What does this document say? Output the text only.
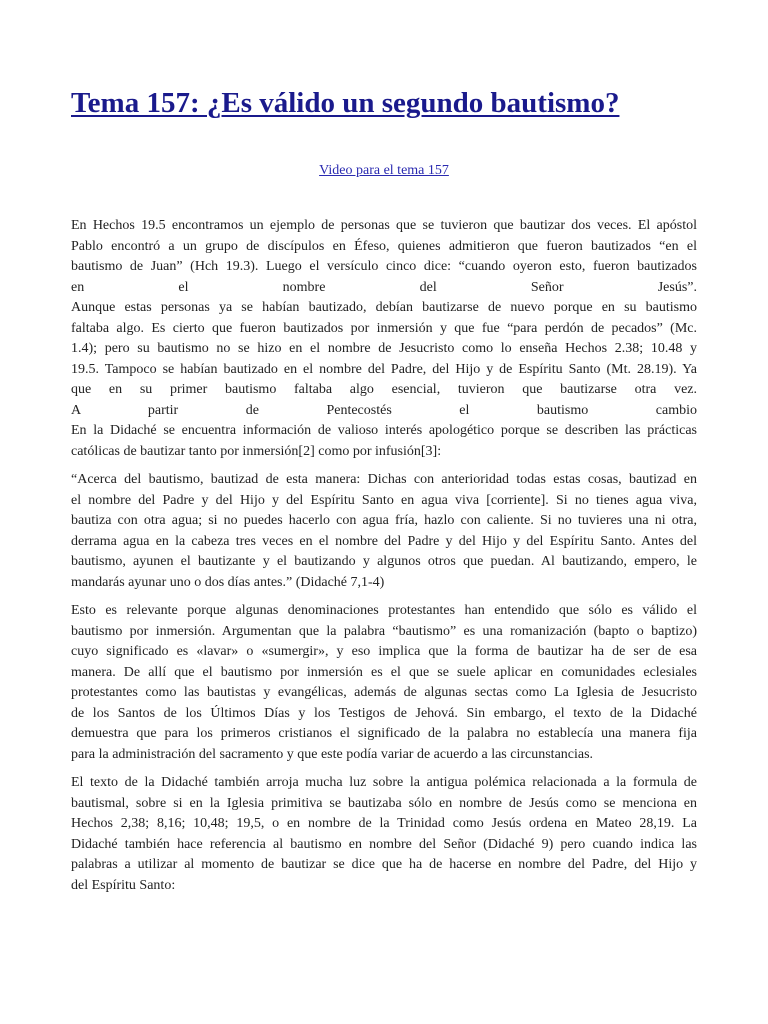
Tema 157: ¿Es válido un segundo bautismo?
Video para el tema 157
En Hechos 19.5 encontramos un ejemplo de personas que se tuvieron que bautizar dos veces. El apóstol
Pablo encontró a un grupo de discípulos en Éfeso, quienes admitieron que fueron bautizados “en el
bautismo de Juan” (Hch 19.3). Luego el versículo cinco dice: “cuando oyeron esto, fueron bautizados
en el nombre del Señor Jesús”.
Aunque estas personas ya se habían bautizado, debían bautizarse de nuevo porque en su bautismo
faltaba algo. Es cierto que fueron bautizados por inmersión y que fue “para perdón de pecados” (Mc.
1.4); pero su bautismo no se hizo en el nombre de Jesucristo como lo enseña Hechos 2.38; 10.48 y
19.5. Tampoco se habían bautizado en el nombre del Padre, del Hijo y de Espíritu Santo (Mt. 28.19). Ya
que en su primer bautismo faltaba algo esencial, tuvieron que bautizarse otra vez.
A partir de Pentecostés el bautismo cambio
En la Didaché se encuentra información de valioso interés apologético porque se describen las prácticas
católicas de bautizar tanto por inmersión[2] como por infusión[3]:
“Acerca del bautismo, bautizad de esta manera: Dichas con anterioridad todas estas cosas, bautizad en
el nombre del Padre y del Hijo y del Espíritu Santo en agua viva [corriente]. Si no tienes agua viva,
bautiza con otra agua; si no puedes hacerlo con agua fría, hazlo con caliente. Si no tuvieres una ni otra,
derrama agua en la cabeza tres veces en el nombre del Padre y del Hijo y del Espíritu Santo. Antes del
bautismo, ayunen el bautizante y el bautizando y algunos otros que puedan. Al bautizando, empero, le
mandarás ayunar uno o dos días antes.” (Didaché 7,1-4)
Esto es relevante porque algunas denominaciones protestantes han entendido que sólo es válido el
bautismo por inmersión. Argumentan que la palabra “bautismo” es una romanización (bapto o baptizo)
cuyo significado es «lavar» o «sumergir», y eso implica que la forma de bautizar ha de ser de esa
manera. De allí que el bautismo por inmersión es el que se suele aplicar en comunidades eclesiales
protestantes como las bautistas y evangélicas, además de algunas sectas como La Iglesia de Jesucristo
de los Santos de los Últimos Días y los Testigos de Jehová. Sin embargo, el texto de la Didaché
demuestra que para los primeros cristianos el significado de la palabra no establecía una manera fija
para la administración del sacramento y que este podía variar de acuerdo a las circunstancias.
El texto de la Didaché también arroja mucha luz sobre la antigua polémica relacionada a la formula de
bautismal, sobre si en la Iglesia primitiva se bautizaba sólo en nombre de Jesús como se menciona en
Hechos 2,38; 8,16; 10,48; 19,5, o en nombre de la Trinidad como Jesús ordena en Mateo 28,19. La
Didaché también hace referencia al bautismo en nombre del Señor (Didaché 9) pero cuando indica las
palabras a utilizar al momento de bautizar se dice que ha de hacerse en nombre del Padre, del Hijo y
del Espíritu Santo:
